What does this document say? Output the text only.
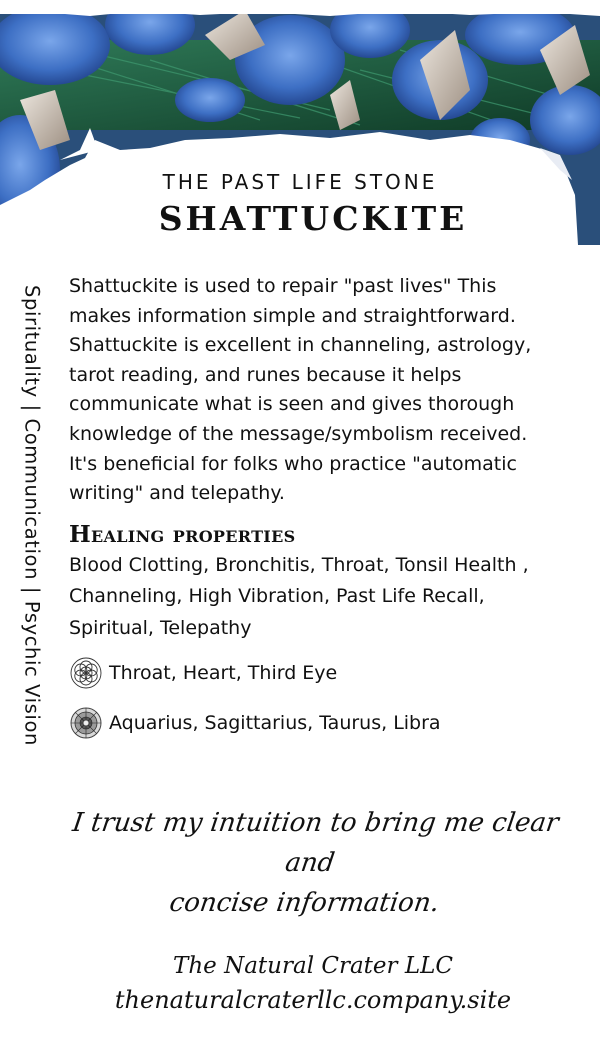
THE PAST LIFE STONE
SHATTUCKITE
Spirituality | Communication | Psychic Vision Shattuckite is used to repair "past lives" This makes information simple and straightforward. Shattuckite is excellent in channeling, astrology, tarot reading, and runes because it helps communicate what is seen and gives thorough knowledge of the message/symbolism received. It's beneficial for folks who practice "automatic writing" and telepathy.

Healing properties

Blood Clotting, Bronchitis, Throat, Tonsil Health , Channeling, High Vibration, Past Life Recall, Spiritual, Telepathy

Throat, Heart, Third Eye
Aquarius, Sagittarius, Taurus, Libra
I trust my intuition to bring me clear and
concise information.
The Natural Crater LLC
thenaturalcraterllc.company.site
